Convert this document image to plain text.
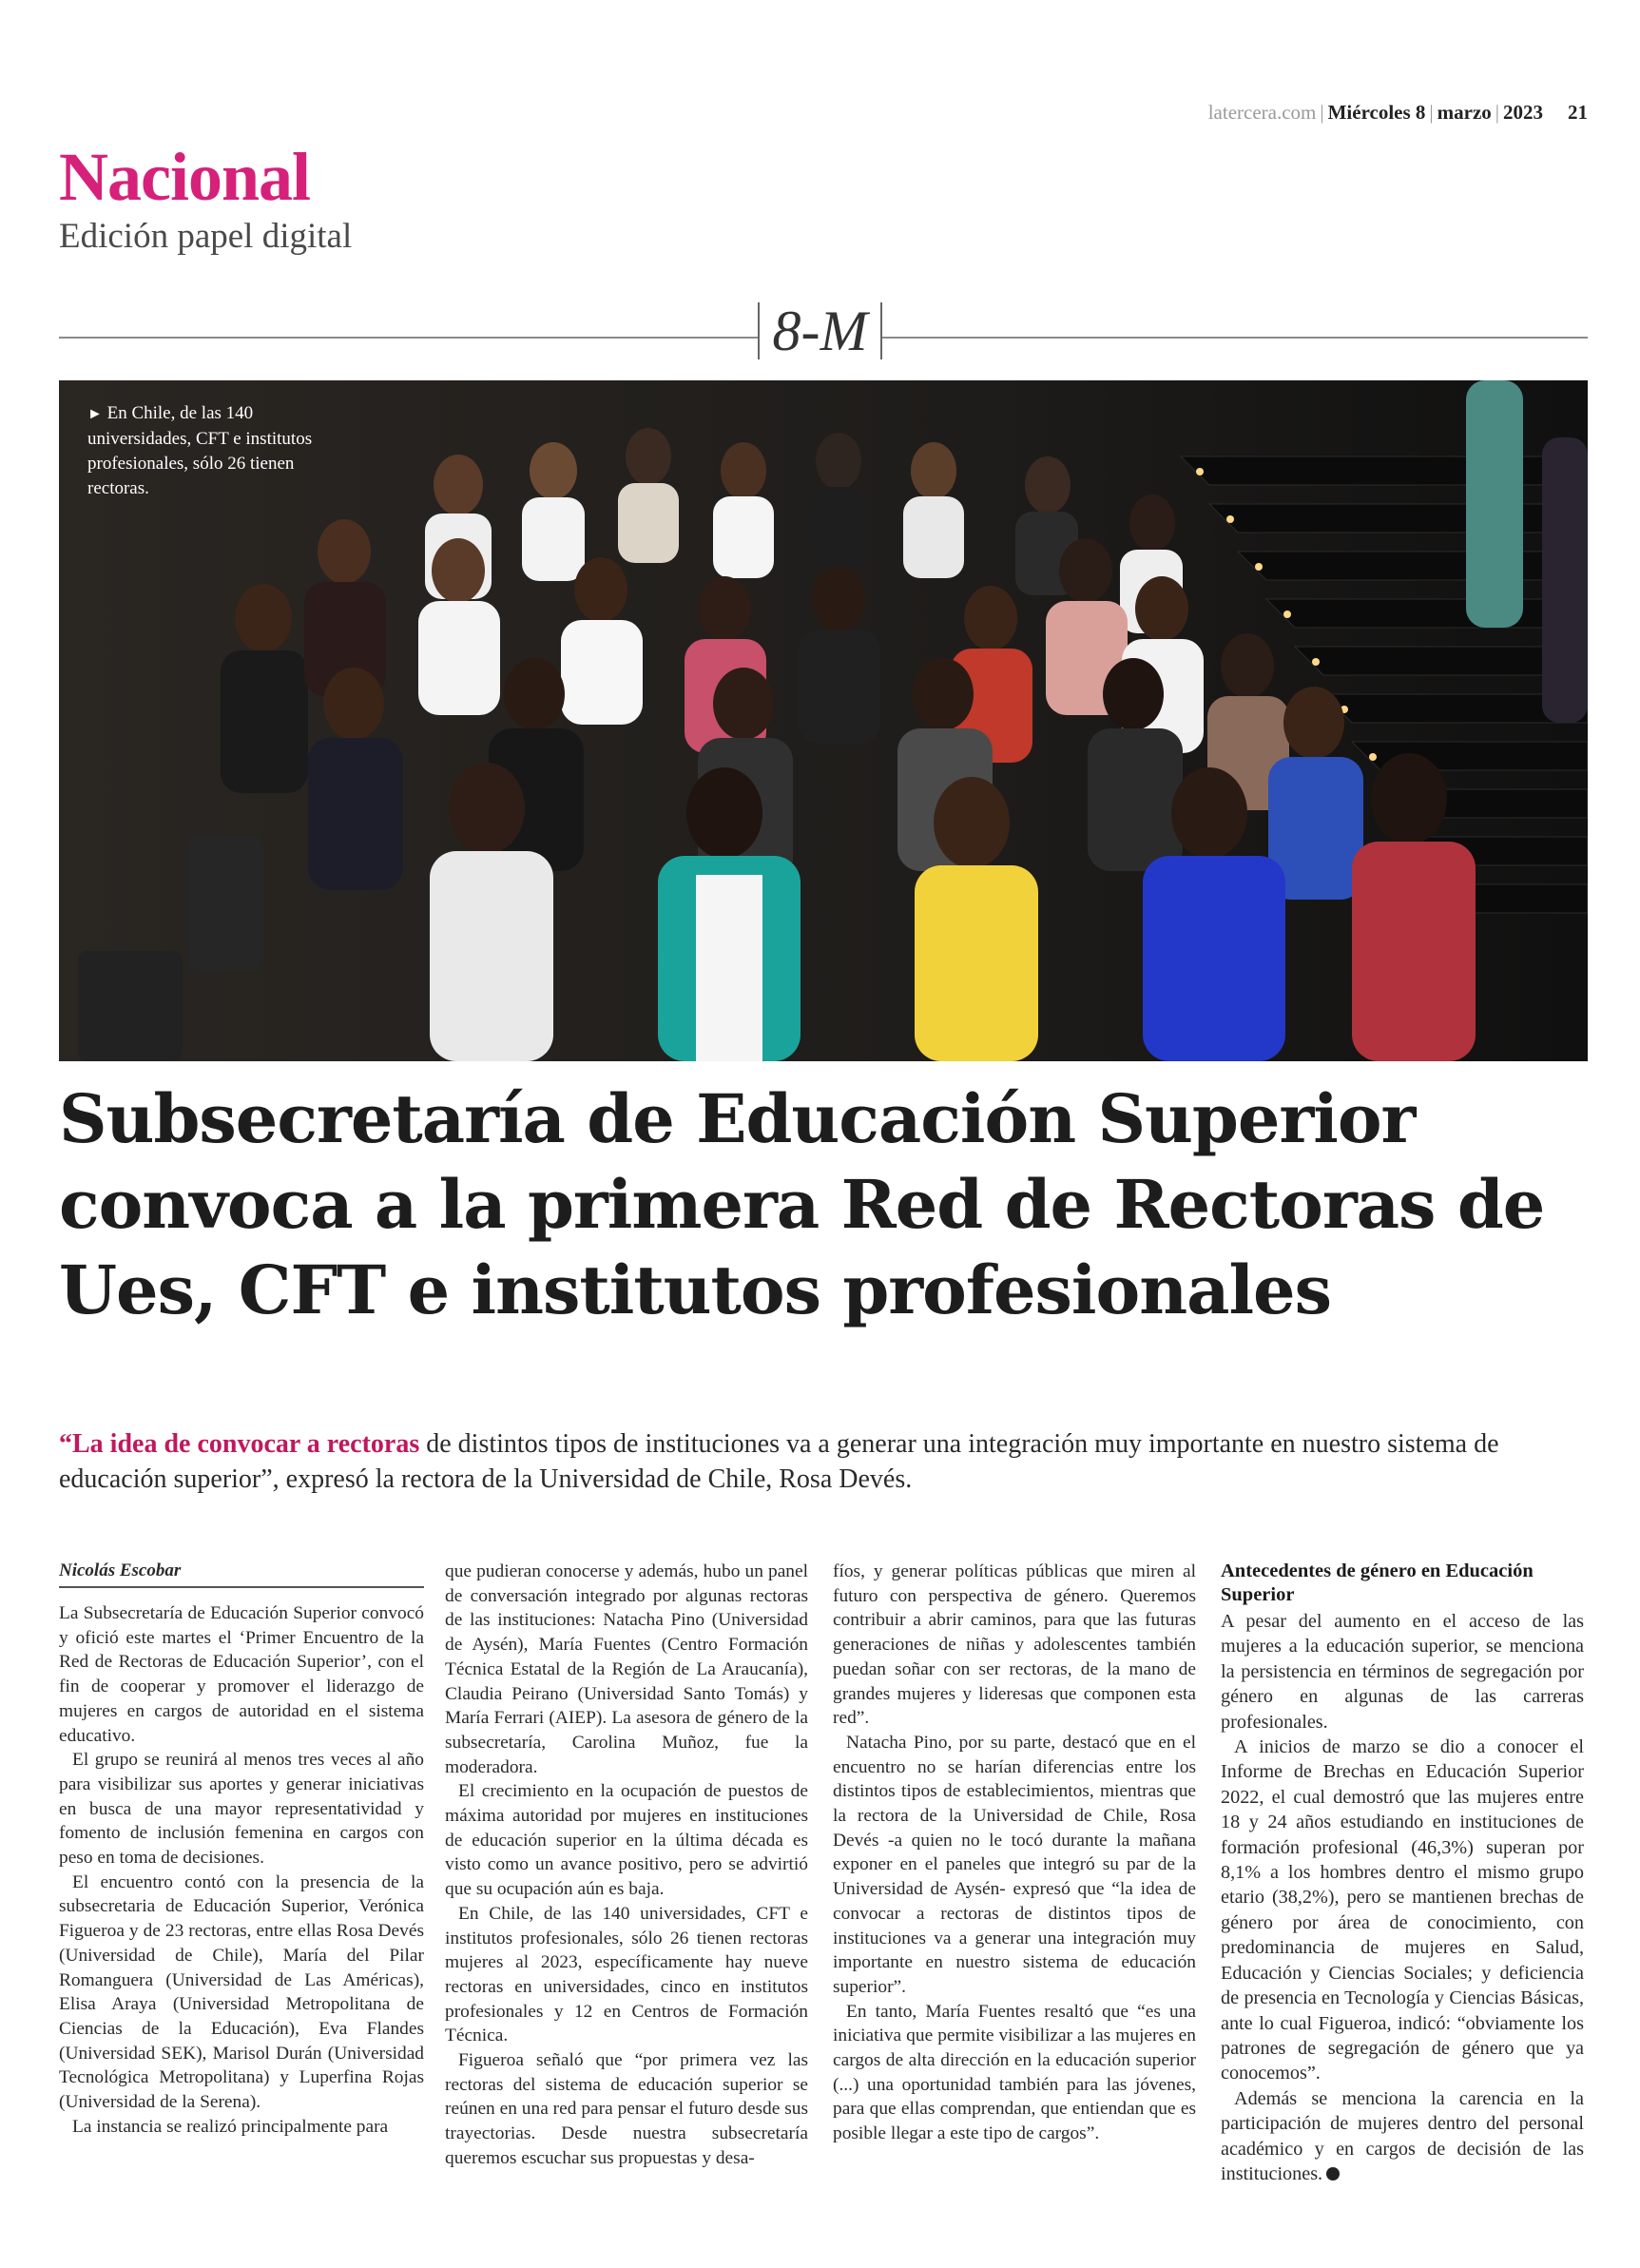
latercera.com | Miércoles 8 | marzo | 2023 21
Nacional
Edición papel digital
8-M
► En Chile, de las 140 universidades, CFT e institutos profesionales, sólo 26 tienen rectoras.
Subsecretaría de Educación Superior convoca a la primera Red de Rectoras de Ues, CFT e institutos profesionales

“La idea de convocar a rectoras de distintos tipos de instituciones va a generar una integración muy importante en nuestro sistema de educación superior”, expresó la rectora de la Universidad de Chile, Rosa Devés.

Nicolás Escobar

La Subsecretaría de Educación Superior convocó y ofició este martes el ‘Primer Encuentro de la Red de Rectoras de Educación Superior’, con el fin de cooperar y promover el liderazgo de mujeres en cargos de autoridad en el sistema educativo.

El grupo se reunirá al menos tres veces al año para visibilizar sus aportes y generar iniciativas en busca de una mayor representatividad y fomento de inclusión femenina en cargos con peso en toma de decisiones.

El encuentro contó con la presencia de la subsecretaria de Educación Superior, Verónica Figueroa y de 23 rectoras, entre ellas Rosa Devés (Universidad de Chile), María del Pilar Romanguera (Universidad de Las Américas), Elisa Araya (Universidad Metropolitana de Ciencias de la Educación), Eva Flandes (Universidad SEK), Marisol Durán (Universidad Tecnológica Metropolitana) y Luperfina Rojas (Universidad de la Serena).

La instancia se realizó principalmente para

que pudieran conocerse y además, hubo un panel de conversación integrado por algunas rectoras de las instituciones: Natacha Pino (Universidad de Aysén), María Fuentes (Centro Formación Técnica Estatal de la Región de La Araucanía), Claudia Peirano (Universidad Santo Tomás) y María Ferrari (AIEP). La asesora de género de la subsecretaría, Carolina Muñoz, fue la moderadora.

El crecimiento en la ocupación de puestos de máxima autoridad por mujeres en instituciones de educación superior en la última década es visto como un avance positivo, pero se advirtió que su ocupación aún es baja.

En Chile, de las 140 universidades, CFT e institutos profesionales, sólo 26 tienen rectoras mujeres al 2023, específicamente hay nueve rectoras en universidades, cinco en institutos profesionales y 12 en Centros de Formación Técnica.

Figueroa señaló que “por primera vez las rectoras del sistema de educación superior se reúnen en una red para pensar el futuro desde sus trayectorias. Desde nuestra subsecretaría queremos escuchar sus propuestas y desa-

fíos, y generar políticas públicas que miren al futuro con perspectiva de género. Queremos contribuir a abrir caminos, para que las futuras generaciones de niñas y adolescentes también puedan soñar con ser rectoras, de la mano de grandes mujeres y lideresas que componen esta red”.

Natacha Pino, por su parte, destacó que en el encuentro no se harían diferencias entre los distintos tipos de establecimientos, mientras que la rectora de la Universidad de Chile, Rosa Devés -a quien no le tocó durante la mañana exponer en el paneles que integró su par de la Universidad de Aysén- expresó que “la idea de convocar a rectoras de distintos tipos de instituciones va a generar una integración muy importante en nuestro sistema de educación superior”.

En tanto, María Fuentes resaltó que “es una iniciativa que permite visibilizar a las mujeres en cargos de alta dirección en la educación superior (...) una oportunidad también para las jóvenes, para que ellas comprendan, que entiendan que es posible llegar a este tipo de cargos”.

Antecedentes de género en Educación Superior

A pesar del aumento en el acceso de las mujeres a la educación superior, se menciona la persistencia en términos de segregación por género en algunas de las carreras profesionales.

A inicios de marzo se dio a conocer el Informe de Brechas en Educación Superior 2022, el cual demostró que las mujeres entre 18 y 24 años estudiando en instituciones de formación profesional (46,3%) superan por 8,1% a los hombres dentro el mismo grupo etario (38,2%), pero se mantienen brechas de género por área de conocimiento, con predominancia de mujeres en Salud, Educación y Ciencias Sociales; y deficiencia de presencia en Tecnología y Ciencias Básicas, ante lo cual Figueroa, indicó: “obviamente los patrones de segregación de género que ya conocemos”.

Además se menciona la carencia en la participación de mujeres dentro del personal académico y en cargos de decisión de las instituciones.
